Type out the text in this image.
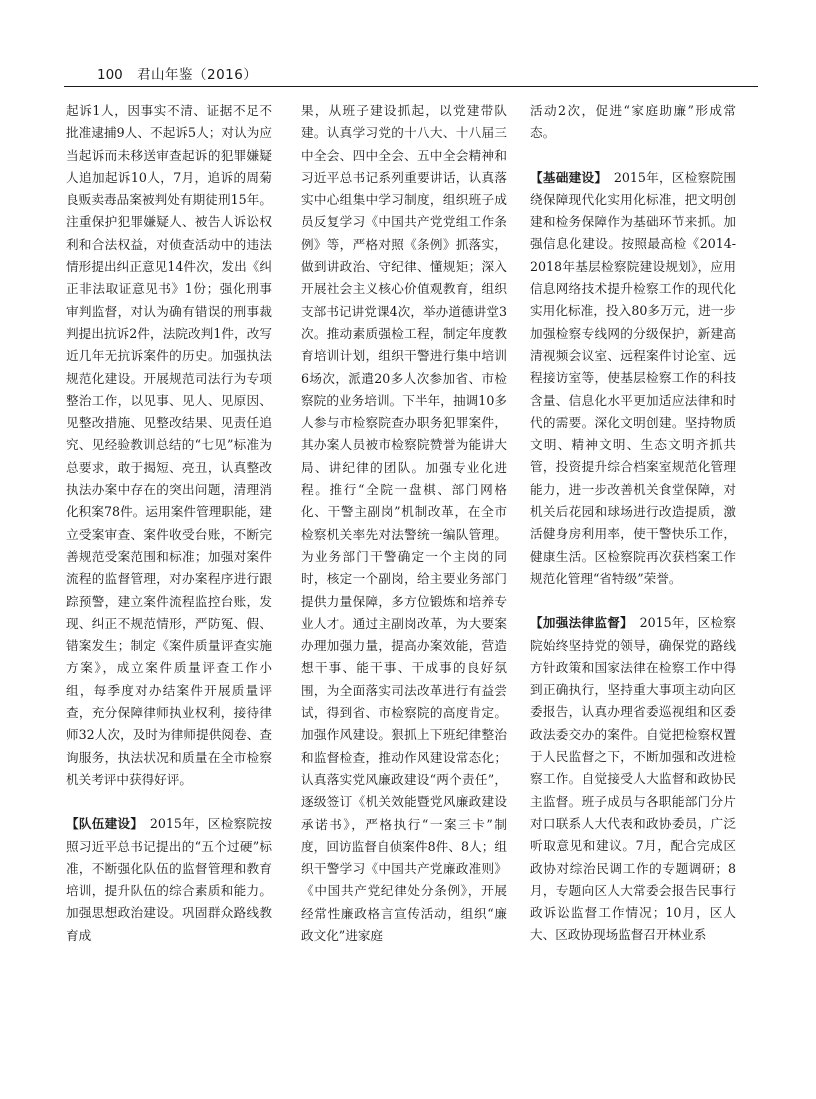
100 君山年鉴（2016）

起诉1人，因事实不清、证据不足不批准逮捕9人、不起诉5人；对认为应当起诉而未移送审查起诉的犯罪嫌疑人追加起诉10人，7月，追诉的周菊良贩卖毒品案被判处有期徒刑15年。注重保护犯罪嫌疑人、被告人诉讼权利和合法权益，对侦查活动中的违法情形提出纠正意见14件次，发出《纠正非法取证意见书》1份；强化刑事审判监督，对认为确有错误的刑事裁判提出抗诉2件，法院改判1件，改写近几年无抗诉案件的历史。加强执法规范化建设。开展规范司法行为专项整治工作，以见事、见人、见原因、见整改措施、见整改结果、见责任追究、见经验教训总结的“七见”标准为总要求，敢于揭短、亮丑，认真整改执法办案中存在的突出问题，清理消化积案78件。运用案件管理职能，建立受案审查、案件收受台账，不断完善规范受案范围和标准；加强对案件流程的监督管理，对办案程序进行跟踪预警，建立案件流程监控台账，发现、纠正不规范情形，严防冤、假、错案发生；制定《案件质量评查实施方案》，成立案件质量评查工作小组，每季度对办结案件开展质量评查，充分保障律师执业权利，接待律师32人次，及时为律师提供阅卷、查询服务，执法状况和质量在全市检察机关考评中获得好评。

【队伍建设】　2015年，区检察院按照习近平总书记提出的“五个过硬”标准，不断强化队伍的监督管理和教育培训，提升队伍的综合素质和能力。加强思想政治建设。巩固群众路线教育成

果，从班子建设抓起，以党建带队建。认真学习党的十八大、十八届三中全会、四中全会、五中全会精神和习近平总书记系列重要讲话，认真落实中心组集中学习制度，组织班子成员反复学习《中国共产党党组工作条例》等，严格对照《条例》抓落实，做到讲政治、守纪律、懂规矩；深入开展社会主义核心价值观教育，组织支部书记讲党课4次，举办道德讲堂3次。推动素质强检工程，制定年度教育培训计划，组织干警进行集中培训6场次，派遣20多人次参加省、市检察院的业务培训。下半年，抽调10多人参与市检察院查办职务犯罪案件，其办案人员被市检察院赞誉为能讲大局、讲纪律的团队。加强专业化进程。推行“全院一盘棋、部门网格化、干警主副岗”机制改革，在全市检察机关率先对法警统一编队管理。为业务部门干警确定一个主岗的同时，核定一个副岗，给主要业务部门提供力量保障，多方位锻炼和培养专业人才。通过主副岗改革，为大要案办理加强力量，提高办案效能，营造想干事、能干事、干成事的良好氛围，为全面落实司法改革进行有益尝试，得到省、市检察院的高度肯定。加强作风建设。狠抓上下班纪律整治和监督检查，推动作风建设常态化；认真落实党风廉政建设“两个责任”，逐级签订《机关效能暨党风廉政建设承诺书》，严格执行“一案三卡”制度，回访监督自侦案件8件、8人；组织干警学习《中国共产党廉政准则》《中国共产党纪律处分条例》，开展经常性廉政格言宣传活动，组织“廉政文化”进家庭

活动2次，促进“家庭助廉”形成常态。

【基础建设】　2015年，区检察院围绕保障现代化实用化标准，把文明创建和检务保障作为基础环节来抓。加强信息化建设。按照最高检《2014-2018年基层检察院建设规划》，应用信息网络技术提升检察工作的现代化实用化标准，投入80多万元，进一步加强检察专线网的分级保护，新建高清视频会议室、远程案件讨论室、远程接访室等，使基层检察工作的科技含量、信息化水平更加适应法律和时代的需要。深化文明创建。坚持物质文明、精神文明、生态文明齐抓共管，投资提升综合档案室规范化管理能力，进一步改善机关食堂保障，对机关后花园和球场进行改造提质，激活健身房利用率，使干警快乐工作，健康生活。区检察院再次获档案工作规范化管理“省特级”荣誉。

【加强法律监督】　2015年，区检察院始终坚持党的领导，确保党的路线方针政策和国家法律在检察工作中得到正确执行，坚持重大事项主动向区委报告，认真办理省委巡视组和区委政法委交办的案件。自觉把检察权置于人民监督之下，不断加强和改进检察工作。自觉接受人大监督和政协民主监督。班子成员与各职能部门分片对口联系人大代表和政协委员，广泛听取意见和建议。7月，配合完成区政协对综治民调工作的专题调研；8月，专题向区人大常委会报告民事行政诉讼监督工作情况；10月，区人大、区政协现场监督召开林业系
